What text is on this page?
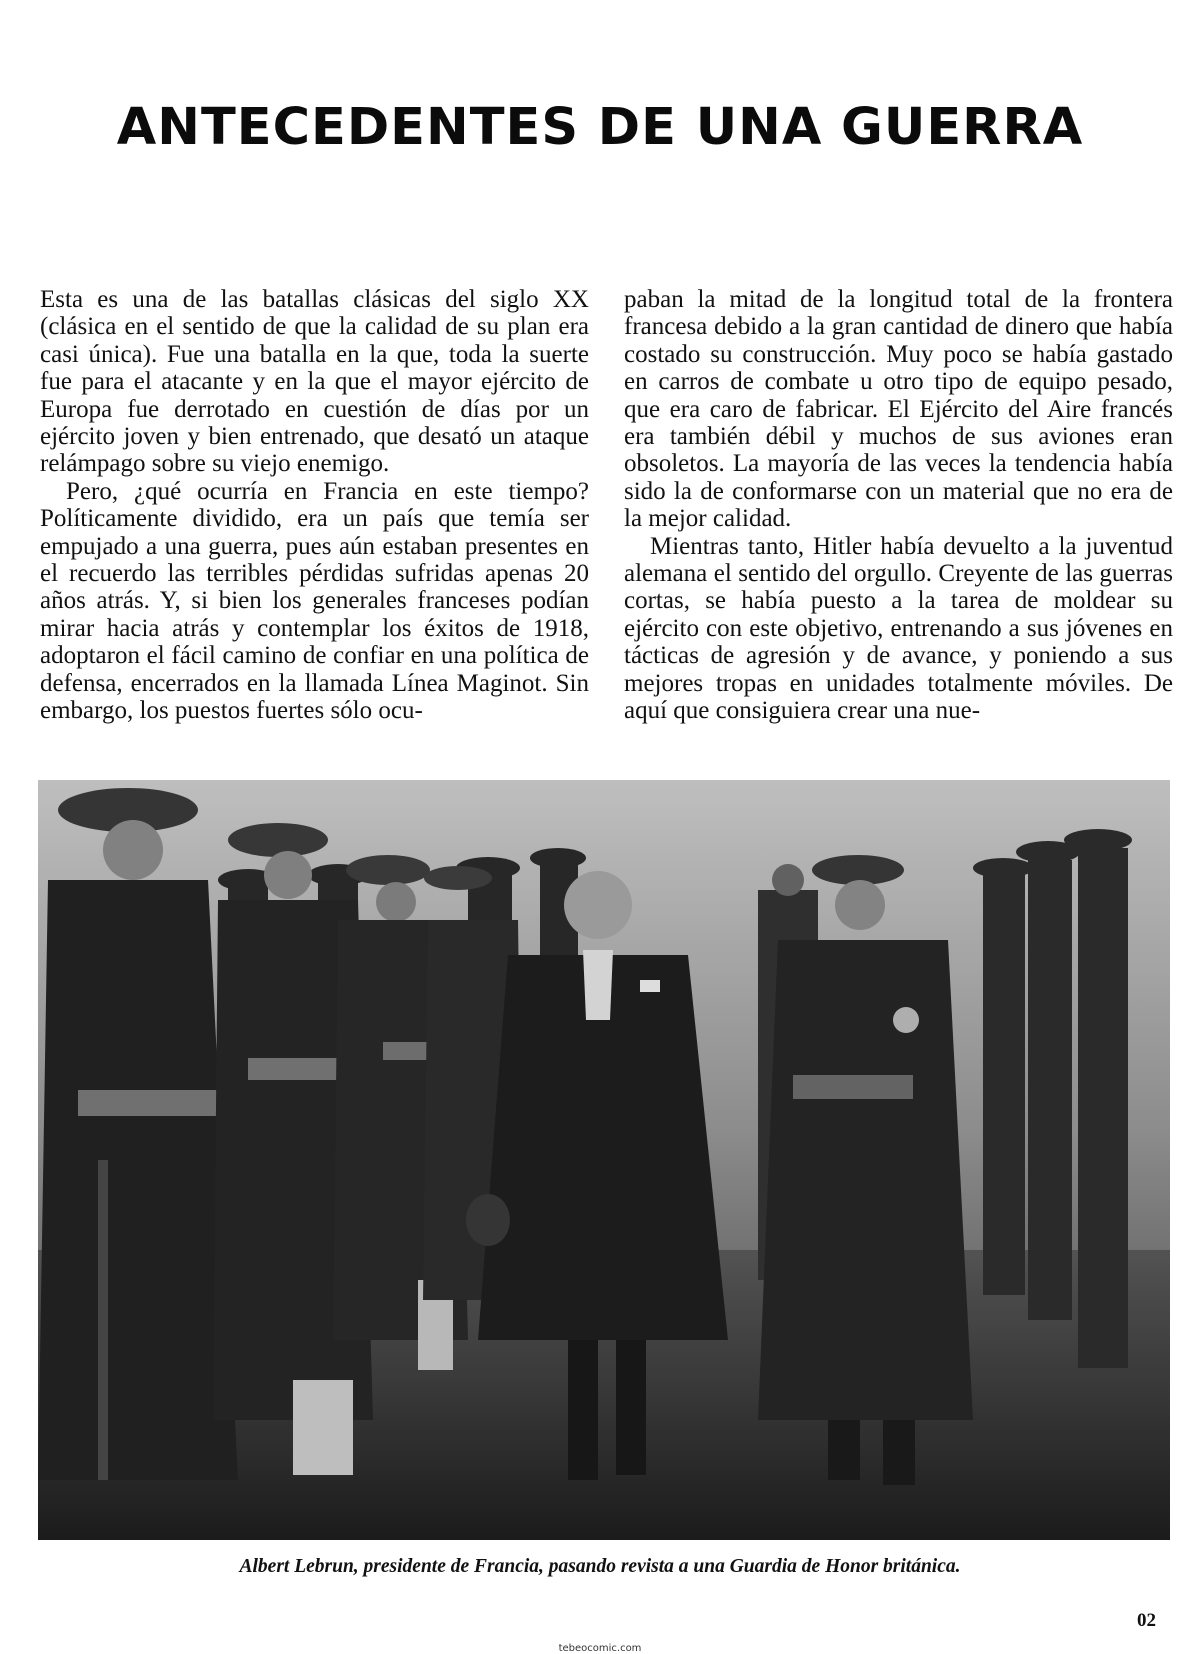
ANTECEDENTES DE UNA GUERRA

Esta es una de las batallas clásicas del siglo XX (clásica en el sentido de que la calidad de su plan era casi única). Fue una batalla en la que, toda la suerte fue para el atacante y en la que el mayor ejército de Europa fue derrotado en cuestión de días por un ejército joven y bien entrenado, que desató un ataque relámpago sobre su viejo enemigo.

Pero, ¿qué ocurría en Francia en este tiempo? Políticamente dividido, era un país que temía ser empujado a una guerra, pues aún estaban presentes en el recuerdo las terribles pérdidas sufridas apenas 20 años atrás. Y, si bien los generales franceses podían mirar hacia atrás y contemplar los éxitos de 1918, adoptaron el fácil camino de confiar en una política de defensa, encerrados en la llamada Línea Maginot. Sin embargo, los puestos fuertes sólo ocu-

paban la mitad de la longitud total de la frontera francesa debido a la gran cantidad de dinero que había costado su construcción. Muy poco se había gastado en carros de combate u otro tipo de equipo pesado, que era caro de fabricar. El Ejército del Aire francés era también débil y muchos de sus aviones eran obsoletos. La mayoría de las veces la tendencia había sido la de conformarse con un material que no era de la mejor calidad.

Mientras tanto, Hitler había devuelto a la juventud alemana el sentido del orgullo. Creyente de las guerras cortas, se había puesto a la tarea de moldear su ejército con este objetivo, entrenando a sus jóvenes en tácticas de agresión y de avance, y poniendo a sus mejores tropas en unidades totalmente móviles. De aquí que consiguiera crear una nue-

Albert Lebrun, presidente de Francia, pasando revista a una Guardia de Honor británica.

02
tebeocomic.com
